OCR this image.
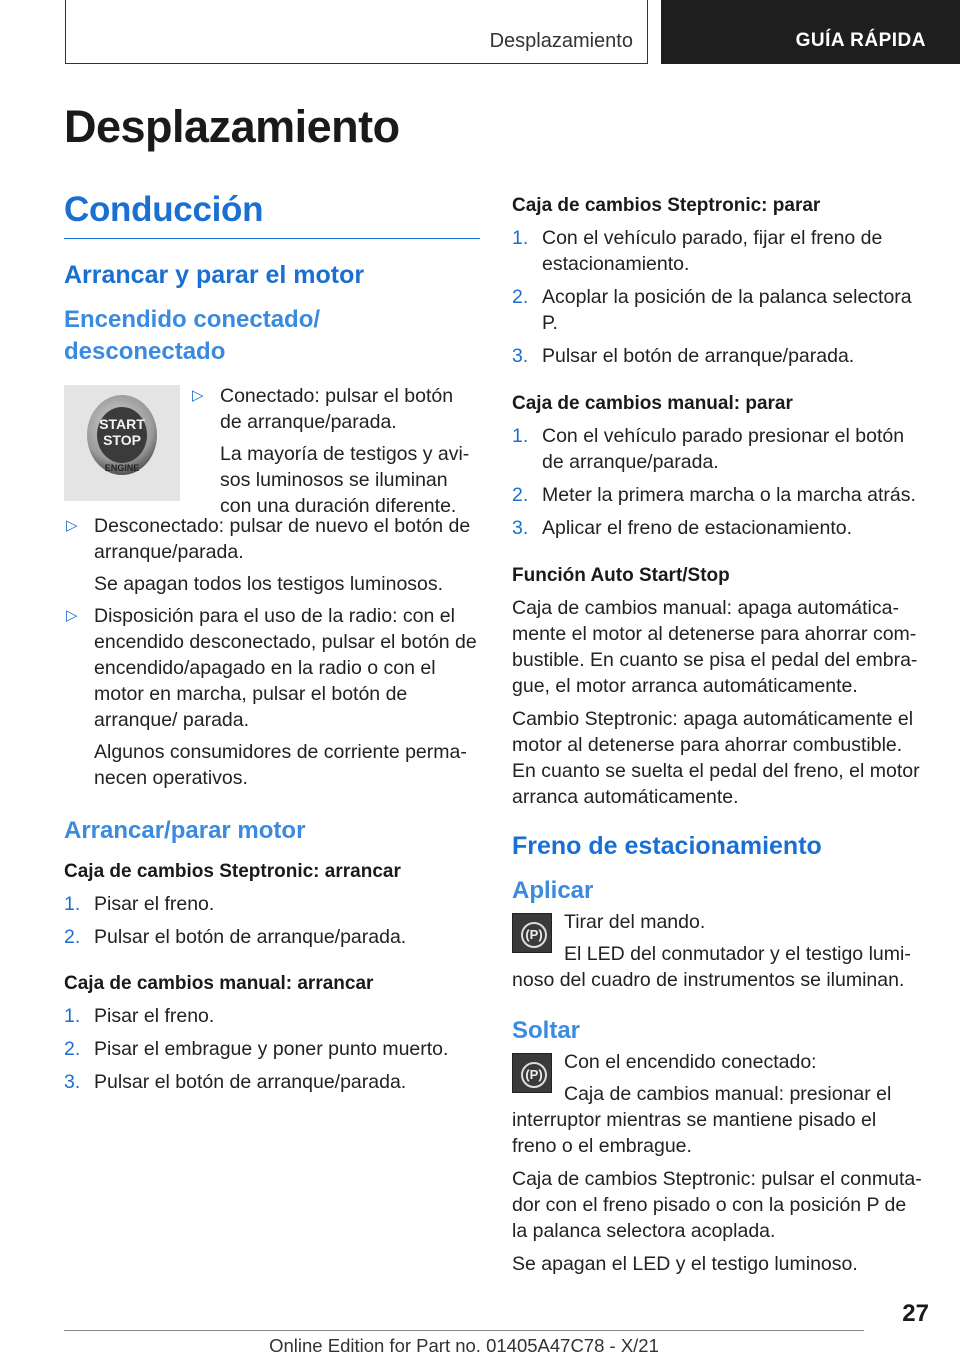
Desplazamiento	GUÍA RÁPIDA
Desplazamiento
Conducción
Arrancar y parar el motor
Encendido conectado/ desconectado
START
STOP
ENGINE
▷ Conectado: pulsar el botón de arranque/parada.

La mayoría de testigos y avisos luminosos se iluminan con una duración diferente.

▷ Desconectado: pulsar de nuevo el botón de arranque/parada.

Se apagan todos los testigos luminosos.

▷ Disposición para el uso de la radio: con el encendido desconectado, pulsar el botón de encendido/apagado en la radio o con el motor en marcha, pulsar el botón de arranque/ parada.

Algunos consumidores de corriente permanecen operativos.

Arrancar/parar motor
Caja de cambios Steptronic: arrancar
1. Pisar el freno.
2. Pulsar el botón de arranque/parada.
Caja de cambios manual: arrancar
1. Pisar el freno.
2. Pisar el embrague y poner punto muerto.
3. Pulsar el botón de arranque/parada.
Caja de cambios Steptronic: parar
1. Con el vehículo parado, fijar el freno de estacionamiento.
2. Acoplar la posición de la palanca selectora P.
3. Pulsar el botón de arranque/parada.
Caja de cambios manual: parar
1. Con el vehículo parado presionar el botón de arranque/parada.
2. Meter la primera marcha o la marcha atrás.
3. Aplicar el freno de estacionamiento.
Función Auto Start/Stop

Caja de cambios manual: apaga automáticamente el motor al detenerse para ahorrar combustible. En cuanto se pisa el pedal del embrague, el motor arranca automáticamente.

Cambio Steptronic: apaga automáticamente el motor al detenerse para ahorrar combustible. En cuanto se suelta el pedal del freno, el motor arranca automáticamente.

Freno de estacionamiento
Aplicar
(P)

Tirar del mando.

El LED del conmutador y el testigo luminoso del cuadro de instrumentos se iluminan.

Soltar
(P)

Con el encendido conectado:

Caja de cambios manual: presionar el interruptor mientras se mantiene pisado el freno o el embrague.

Caja de cambios Steptronic: pulsar el conmutador con el freno pisado o con la posición P de la palanca selectora acoplada.

Se apagan el LED y el testigo luminoso.

27
Online Edition for Part no. 01405A47C78 - X/21
